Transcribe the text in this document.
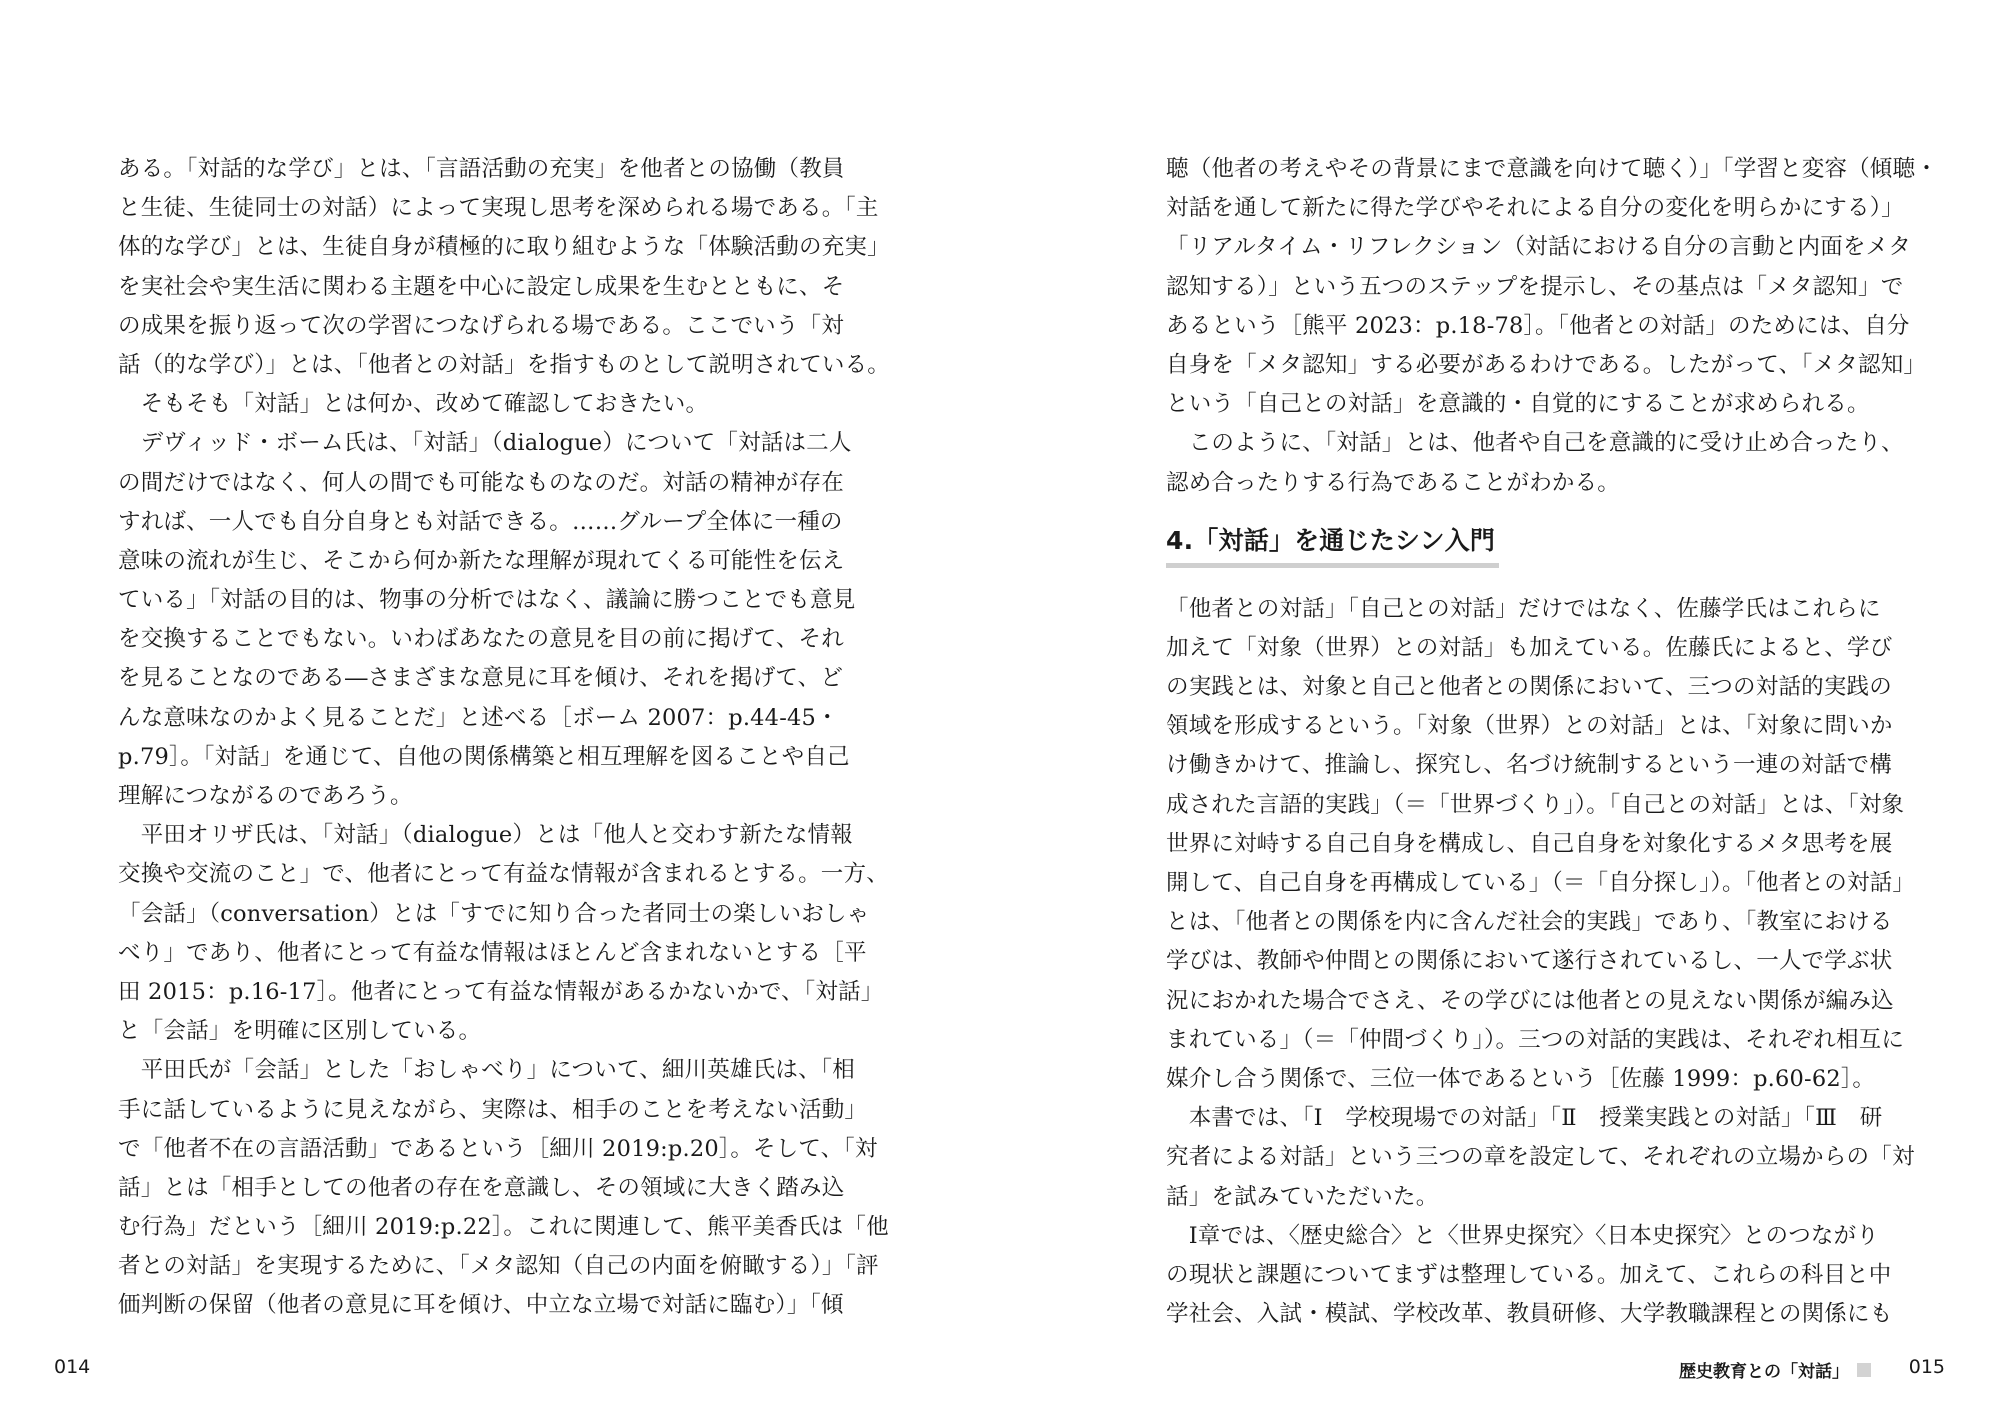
ある。「対話的な学び」とは、「言語活動の充実」を他者との協働（教員
と生徒、生徒同士の対話）によって実現し思考を深められる場である。「主
体的な学び」とは、生徒自身が積極的に取り組むような「体験活動の充実」
を実社会や実生活に関わる主題を中心に設定し成果を生むとともに、そ
の成果を振り返って次の学習につなげられる場である。ここでいう「対
話（的な学び）」とは、「他者との対話」を指すものとして説明されている。
　そもそも「対話」とは何か、改めて確認しておきたい。
　デヴィッド・ボーム氏は、「対話」（dialogue）について「対話は二人
の間だけではなく、何人の間でも可能なものなのだ。対話の精神が存在
すれば、一人でも自分自身とも対話できる。……グループ全体に一種の
意味の流れが生じ、そこから何か新たな理解が現れてくる可能性を伝え
ている」「対話の目的は、物事の分析ではなく、議論に勝つことでも意見
を交換することでもない。いわばあなたの意見を目の前に掲げて、それ
を見ることなのである―さまざまな意見に耳を傾け、それを掲げて、ど
んな意味なのかよく見ることだ」と述べる［ボーム 2007：p.44-45・
p.79］。「対話」を通じて、自他の関係構築と相互理解を図ることや自己
理解につながるのであろう。
　平田オリザ氏は、「対話」（dialogue）とは「他人と交わす新たな情報
交換や交流のこと」で、他者にとって有益な情報が含まれるとする。一方、
「会話」（conversation）とは「すでに知り合った者同士の楽しいおしゃ
べり」であり、他者にとって有益な情報はほとんど含まれないとする［平
田 2015：p.16-17］。他者にとって有益な情報があるかないかで、「対話」
と「会話」を明確に区別している。
　平田氏が「会話」とした「おしゃべり」について、細川英雄氏は、「相
手に話しているように見えながら、実際は、相手のことを考えない活動」
で「他者不在の言語活動」であるという［細川 2019:p.20］。そして、「対
話」とは「相手としての他者の存在を意識し、その領域に大きく踏み込
む行為」だという［細川 2019:p.22］。これに関連して、熊平美香氏は「他
者との対話」を実現するために、「メタ認知（自己の内面を俯瞰する）」「評
価判断の保留（他者の意見に耳を傾け、中立な立場で対話に臨む）」「傾
014
聴（他者の考えやその背景にまで意識を向けて聴く）」「学習と変容（傾聴・
対話を通して新たに得た学びやそれによる自分の変化を明らかにする）」
「リアルタイム・リフレクション（対話における自分の言動と内面をメタ
認知する）」という五つのステップを提示し、その基点は「メタ認知」で
あるという［熊平 2023：p.18-78］。「他者との対話」のためには、自分
自身を「メタ認知」する必要があるわけである。したがって、「メタ認知」
という「自己との対話」を意識的・自覚的にすることが求められる。
　このように、「対話」とは、他者や自己を意識的に受け止め合ったり、
認め合ったりする行為であることがわかる。
4.「対話」を通じたシン入門
「他者との対話」「自己との対話」だけではなく、佐藤学氏はこれらに
加えて「対象（世界）との対話」も加えている。佐藤氏によると、学び
の実践とは、対象と自己と他者との関係において、三つの対話的実践の
領域を形成するという。「対象（世界）との対話」とは、「対象に問いか
け働きかけて、推論し、探究し、名づけ統制するという一連の対話で構
成された言語的実践」（＝「世界づくり」）。「自己との対話」とは、「対象
世界に対峙する自己自身を構成し、自己自身を対象化するメタ思考を展
開して、自己自身を再構成している」（＝「自分探し」）。「他者との対話」
とは、「他者との関係を内に含んだ社会的実践」であり、「教室における
学びは、教師や仲間との関係において遂行されているし、一人で学ぶ状
況におかれた場合でさえ、その学びには他者との見えない関係が編み込
まれている」（＝「仲間づくり」）。三つの対話的実践は、それぞれ相互に
媒介し合う関係で、三位一体であるという［佐藤 1999：p.60-62］。
　本書では、「Ⅰ　学校現場での対話」「Ⅱ　授業実践との対話」「Ⅲ　研
究者による対話」という三つの章を設定して、それぞれの立場からの「対
話」を試みていただいた。
　Ⅰ章では、〈歴史総合〉と〈世界史探究〉〈日本史探究〉とのつながり
の現状と課題についてまずは整理している。加えて、これらの科目と中
学社会、入試・模試、学校改革、教員研修、大学教職課程との関係にも
歴史教育との「対話」	015
